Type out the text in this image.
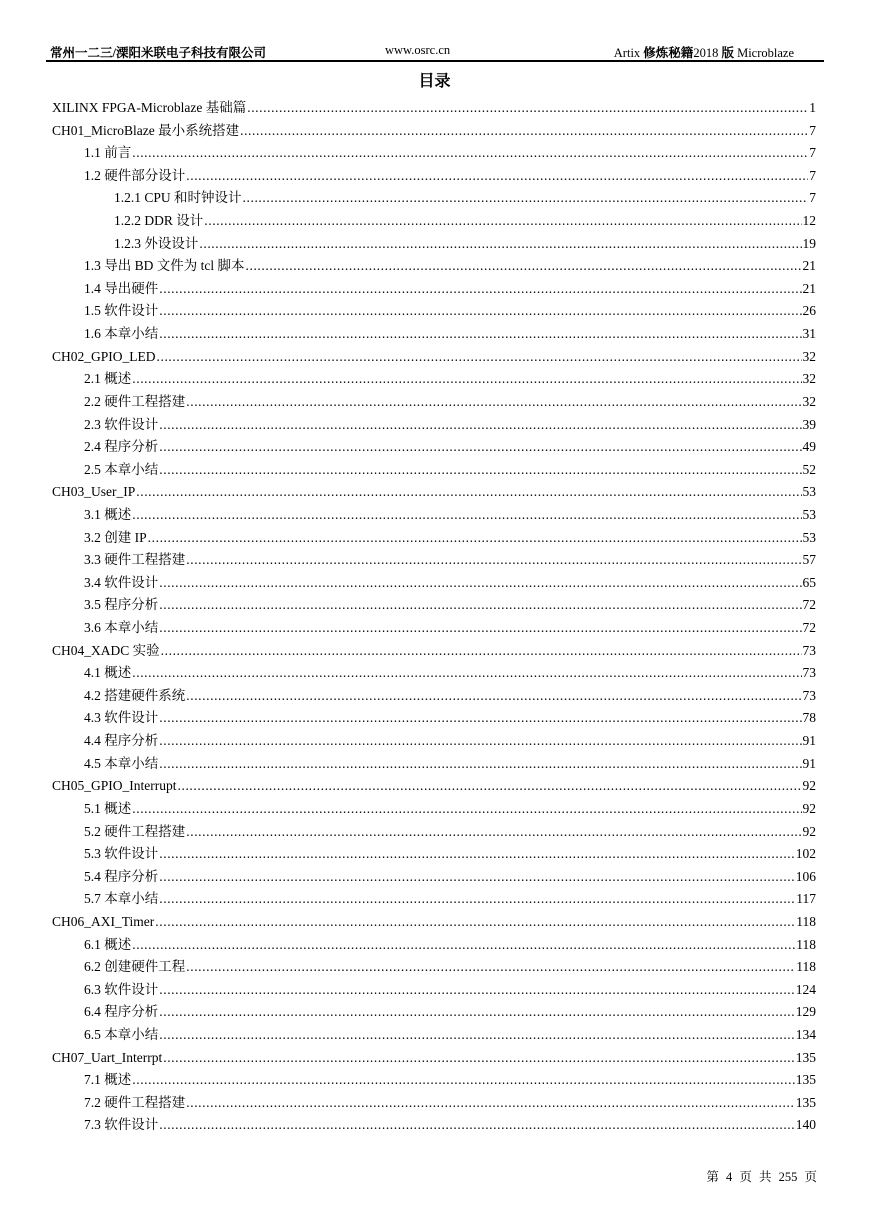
常州一二三/溧阳米联电子科技有限公司	www.osrc.cn	Artix 修炼秘籍2018 版 Microblaze
目录
XILINX FPGA-Microblaze 基础篇 .....	1
CH01_MicroBlaze 最小系统搭建 .....	7
1.1 前言 .....	7
1.2 硬件部分设计 .....	7
1.2.1 CPU 和时钟设计 .....	7
1.2.2 DDR 设计 .....	12
1.2.3 外设设计 .....	19
1.3 导出 BD 文件为 tcl 脚本 .....	21
1.4 导出硬件 .....	21
1.5 软件设计 .....	26
1.6 本章小结 .....	31
CH02_GPIO_LED .....	32
2.1 概述 .....	32
2.2 硬件工程搭建 .....	32
2.3 软件设计 .....	39
2.4 程序分析 .....	49
2.5 本章小结 .....	52
CH03_User_IP .....	53
3.1 概述 .....	53
3.2 创建 IP .....	53
3.3 硬件工程搭建 .....	57
3.4 软件设计 .....	65
3.5 程序分析 .....	72
3.6 本章小结 .....	72
CH04_XADC 实验 .....	73
4.1 概述 .....	73
4.2 搭建硬件系统 .....	73
4.3 软件设计 .....	78
4.4 程序分析 .....	91
4.5 本章小结 .....	91
CH05_GPIO_Interrupt .....	92
5.1 概述 .....	92
5.2 硬件工程搭建 .....	92
5.3 软件设计 .....	102
5.4 程序分析 .....	106
5.7 本章小结 .....	117
CH06_AXI_Timer .....	118
6.1 概述 .....	118
6.2 创建硬件工程 .....	118
6.3 软件设计 .....	124
6.4 程序分析 .....	129
6.5 本章小结 .....	134
CH07_Uart_Interrpt .....	135
7.1 概述 .....	135
7.2 硬件工程搭建 .....	135
7.3 软件设计 .....	140
第 4 页 共 255 页
